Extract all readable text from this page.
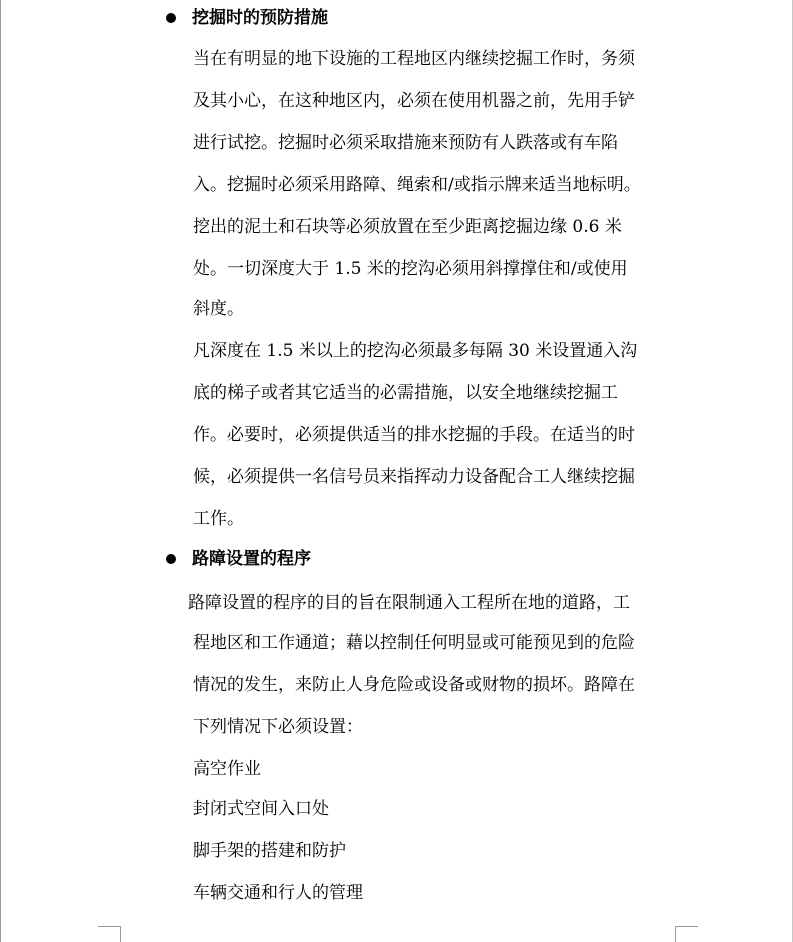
挖掘时的预防措施
当在有明显的地下设施的工程地区内继续挖掘工作时，务须
及其小心，在这种地区内，必须在使用机器之前，先用手铲
进行试挖。挖掘时必须采取措施来预防有人跌落或有车陷
入。挖掘时必须采用路障、绳索和/或指示牌来适当地标明。
挖出的泥土和石块等必须放置在至少距离挖掘边缘 0.6 米
处。一切深度大于 1.5 米的挖沟必须用斜撑撑住和/或使用
斜度。
凡深度在 1.5 米以上的挖沟必须最多每隔 30 米设置通入沟
底的梯子或者其它适当的必需措施，以安全地继续挖掘工
作。必要时，必须提供适当的排水挖掘的手段。在适当的时
候，必须提供一名信号员来指挥动力设备配合工人继续挖掘
工作。
路障设置的程序
路障设置的程序的目的旨在限制通入工程所在地的道路，工
程地区和工作通道；藉以控制任何明显或可能预见到的危险
情况的发生，来防止人身危险或设备或财物的损坏。路障在
下列情况下必须设置：
高空作业
封闭式空间入口处
脚手架的搭建和防护
车辆交通和行人的管理
